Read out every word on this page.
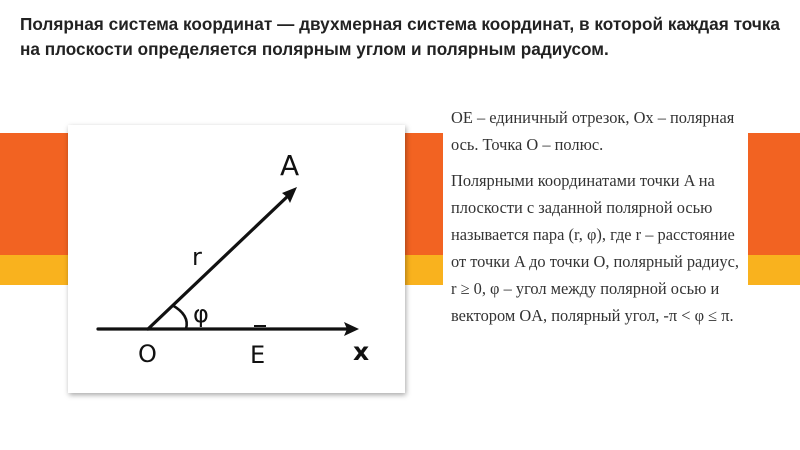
Полярная система координат — двухмерная система координат, в которой каждая точка на плоскости определяется полярным углом и полярным радиусом.
A
r
φ
O	E	x

OE – единичный отрезок, Ox – полярная ось. Точка O – полюс.

Полярными координатами точки A на плоскости с заданной полярной осью называется пара (r, φ), где r – расстояние от точки A до точки O, полярный радиус, r ≥ 0, φ – угол между полярной осью и вектором OA, полярный угол, -π < φ ≤ π.
